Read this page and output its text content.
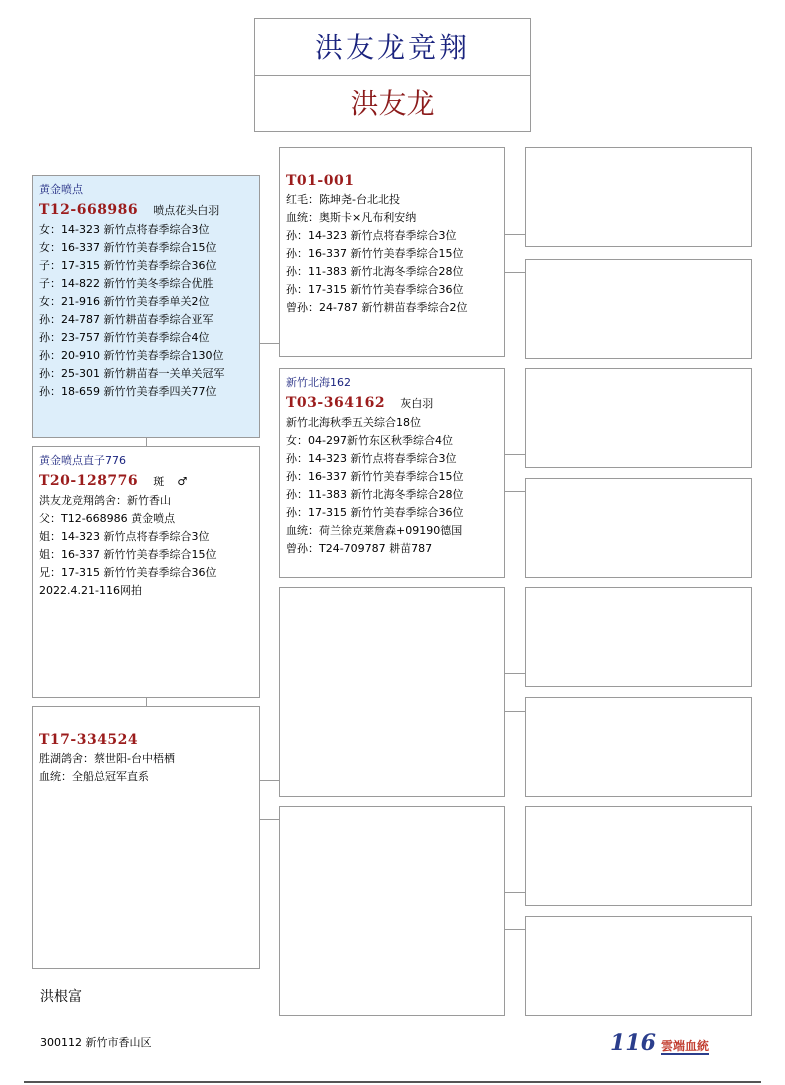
洪友龙竞翔
洪友龙
黄金喷点
T12-668986 喷点花头白羽
女：14-323 新竹点将春季综合3位
女：16-337 新竹竹美春季综合15位
子：17-315 新竹竹美春季综合36位
子：14-822 新竹竹美冬季综合优胜
女：21-916 新竹竹美春季单关2位
孙：24-787 新竹耕苗春季综合亚军
孙：23-757 新竹竹美春季综合4位
孙：20-910 新竹竹美春季综合130位
孙：25-301 新竹耕苗春一关单关冠军
孙：18-659 新竹竹美春季四关77位
黄金喷点直子776
T20-128776 斑 ♂
洪友龙竞翔鸽舍：新竹香山
父：T12-668986 黄金喷点
姐：14-323 新竹点将春季综合3位
姐：16-337 新竹竹美春季综合15位
兄：17-315 新竹竹美春季综合36位
2022.4.21-116网拍
T17-334524
胜湖鸽舍：蔡世阳-台中梧栖
血统：全船总冠军直系
T01-001
红毛：陈坤尧-台北北投
血统：奥斯卡×凡布利安纳
孙：14-323 新竹点将春季综合3位
孙：16-337 新竹竹美春季综合15位
孙：11-383 新竹北海冬季综合28位
孙：17-315 新竹竹美春季综合36位
曾孙：24-787 新竹耕苗春季综合2位
新竹北海162
T03-364162 灰白羽
新竹北海秋季五关综合18位
女：04-297新竹东区秋季综合4位
孙：14-323 新竹点将春季综合3位
孙：16-337 新竹竹美春季综合15位
孙：11-383 新竹北海冬季综合28位
孙：17-315 新竹竹美春季综合36位
血统：荷兰徐克莱詹森+09190德国
曾孙：T24-709787 耕苗787
洪根富
300112 新竹市香山区	116 雲端血統
